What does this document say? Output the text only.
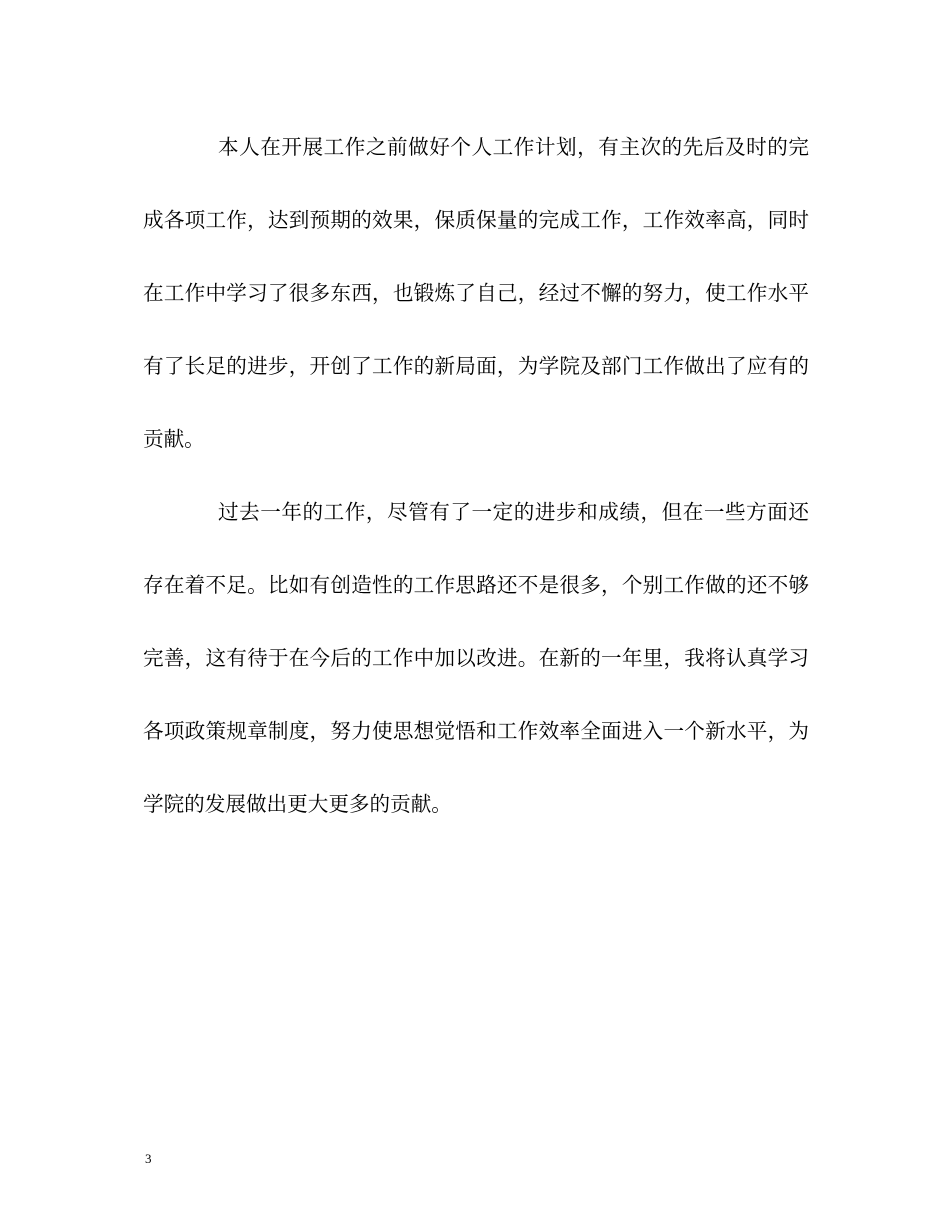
本人在开展工作之前做好个人工作计划，有主次的先后及时的完成各项工作，达到预期的效果，保质保量的完成工作，工作效率高，同时在工作中学习了很多东西，也锻炼了自己，经过不懈的努力，使工作水平有了长足的进步，开创了工作的新局面，为学院及部门工作做出了应有的贡献。

过去一年的工作，尽管有了一定的进步和成绩，但在一些方面还存在着不足。比如有创造性的工作思路还不是很多，个别工作做的还不够完善，这有待于在今后的工作中加以改进。在新的一年里，我将认真学习各项政策规章制度，努力使思想觉悟和工作效率全面进入一个新水平，为学院的发展做出更大更多的贡献。

3
